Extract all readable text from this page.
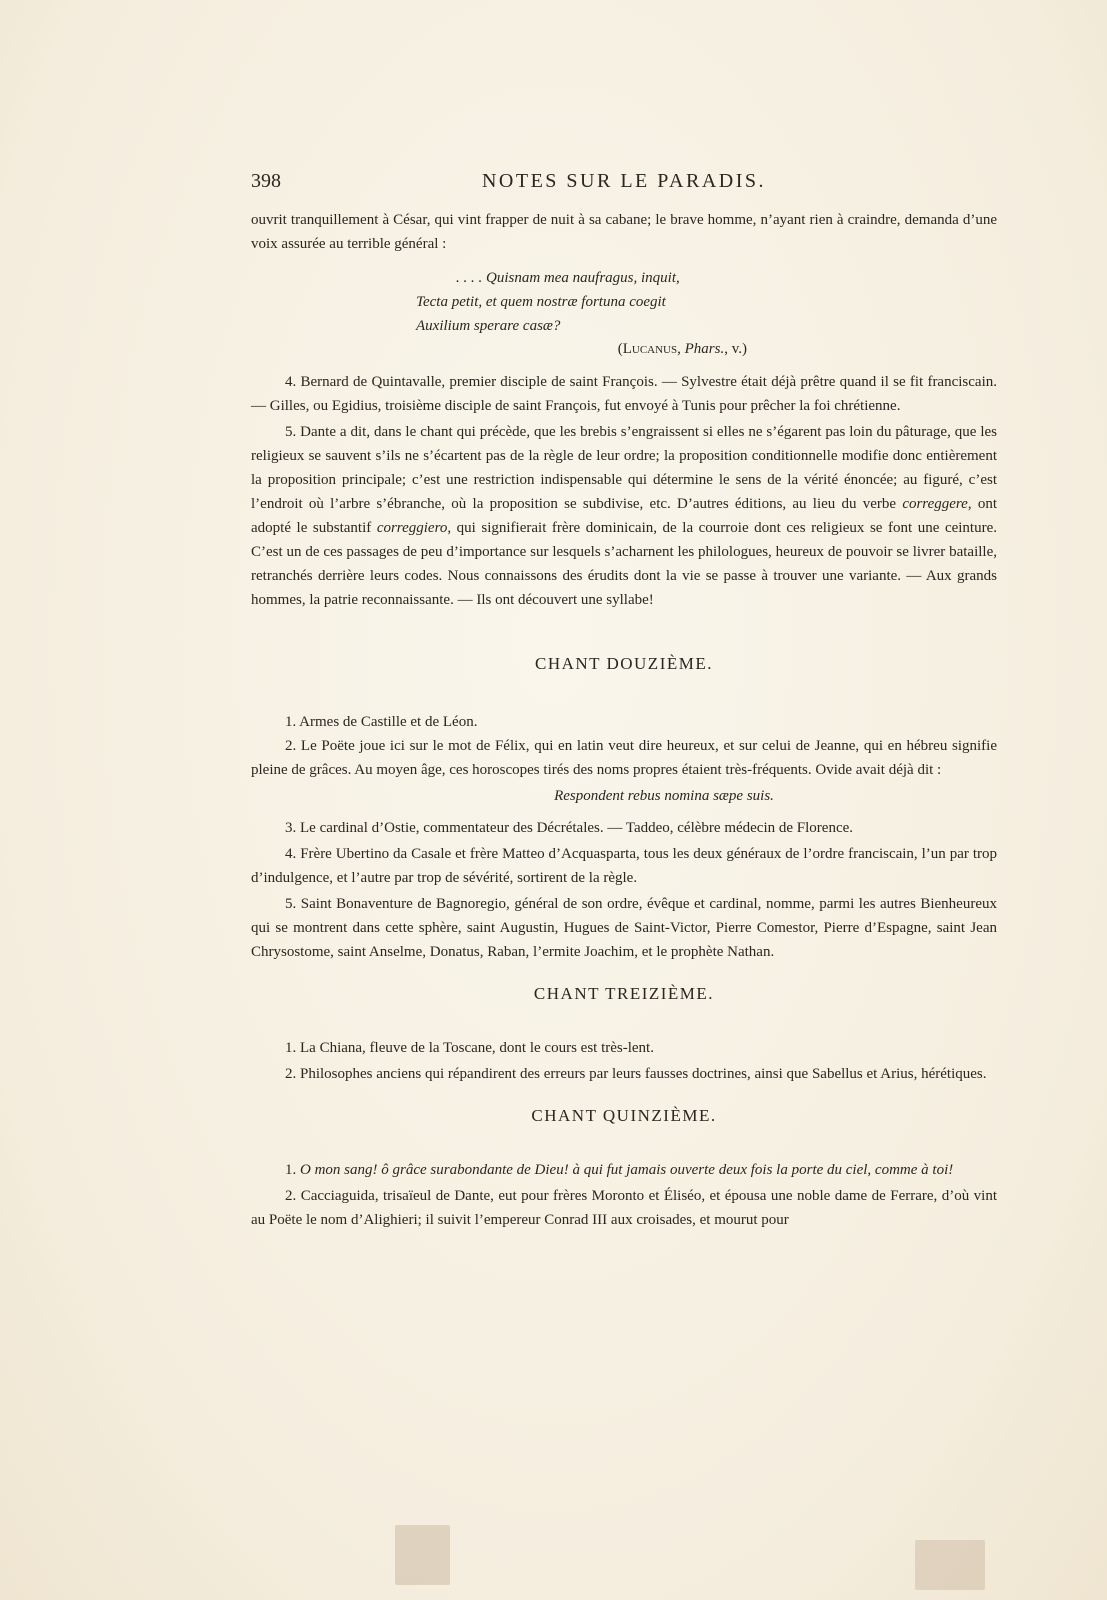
398	NOTES SUR LE PARADIS.

ouvrit tranquillement à César, qui vint frapper de nuit à sa cabane; le brave homme, n’ayant rien à craindre, demanda d’une voix assurée au terrible général :

. . . . Quisnam mea naufragus, inquit,
Tecta petit, et quem nostræ fortuna coegit
Auxilium sperare casæ?
(Lucanus, Phars., v.)

4. Bernard de Quintavalle, premier disciple de saint François. — Sylvestre était déjà prêtre quand il se fit franciscain. — Gilles, ou Egidius, troisième disciple de saint François, fut envoyé à Tunis pour prêcher la foi chrétienne.

5. Dante a dit, dans le chant qui précède, que les brebis s’engraissent si elles ne s’égarent pas loin du pâturage, que les religieux se sauvent s’ils ne s’écartent pas de la règle de leur ordre; la proposition conditionnelle modifie donc entièrement la proposition principale; c’est une restriction indispensable qui détermine le sens de la vérité énoncée; au figuré, c’est l’endroit où l’arbre s’ébranche, où la proposition se subdivise, etc. D’autres éditions, au lieu du verbe correggere, ont adopté le substantif correggiero, qui signifierait frère dominicain, de la courroie dont ces religieux se font une ceinture. C’est un de ces passages de peu d’importance sur lesquels s’acharnent les philologues, heureux de pouvoir se livrer bataille, retranchés derrière leurs codes. Nous connaissons des érudits dont la vie se passe à trouver une variante. — Aux grands hommes, la patrie reconnaissante. — Ils ont découvert une syllabe!

CHANT DOUZIÈME.

1. Armes de Castille et de Léon.

2. Le Poëte joue ici sur le mot de Félix, qui en latin veut dire heureux, et sur celui de Jeanne, qui en hébreu signifie pleine de grâces. Au moyen âge, ces horoscopes tirés des noms propres étaient très-fréquents. Ovide avait déjà dit :

Respondent rebus nomina sæpe suis.

3. Le cardinal d’Ostie, commentateur des Décrétales. — Taddeo, célèbre médecin de Florence.

4. Frère Ubertino da Casale et frère Matteo d’Acquasparta, tous les deux généraux de l’ordre franciscain, l’un par trop d’indulgence, et l’autre par trop de sévérité, sortirent de la règle.

5. Saint Bonaventure de Bagnoregio, général de son ordre, évêque et cardinal, nomme, parmi les autres Bienheureux qui se montrent dans cette sphère, saint Augustin, Hugues de Saint-Victor, Pierre Comestor, Pierre d’Espagne, saint Jean Chrysostome, saint Anselme, Donatus, Raban, l’ermite Joachim, et le prophète Nathan.

CHANT TREIZIÈME.

1. La Chiana, fleuve de la Toscane, dont le cours est très-lent.

2. Philosophes anciens qui répandirent des erreurs par leurs fausses doctrines, ainsi que Sabellus et Arius, hérétiques.

CHANT QUINZIÈME.

1. O mon sang! ô grâce surabondante de Dieu! à qui fut jamais ouverte deux fois la porte du ciel, comme à toi!

2. Cacciaguida, trisaïeul de Dante, eut pour frères Moronto et Éliséo, et épousa une noble dame de Ferrare, d’où vint au Poëte le nom d’Alighieri; il suivit l’empereur Conrad III aux croisades, et mourut pour
